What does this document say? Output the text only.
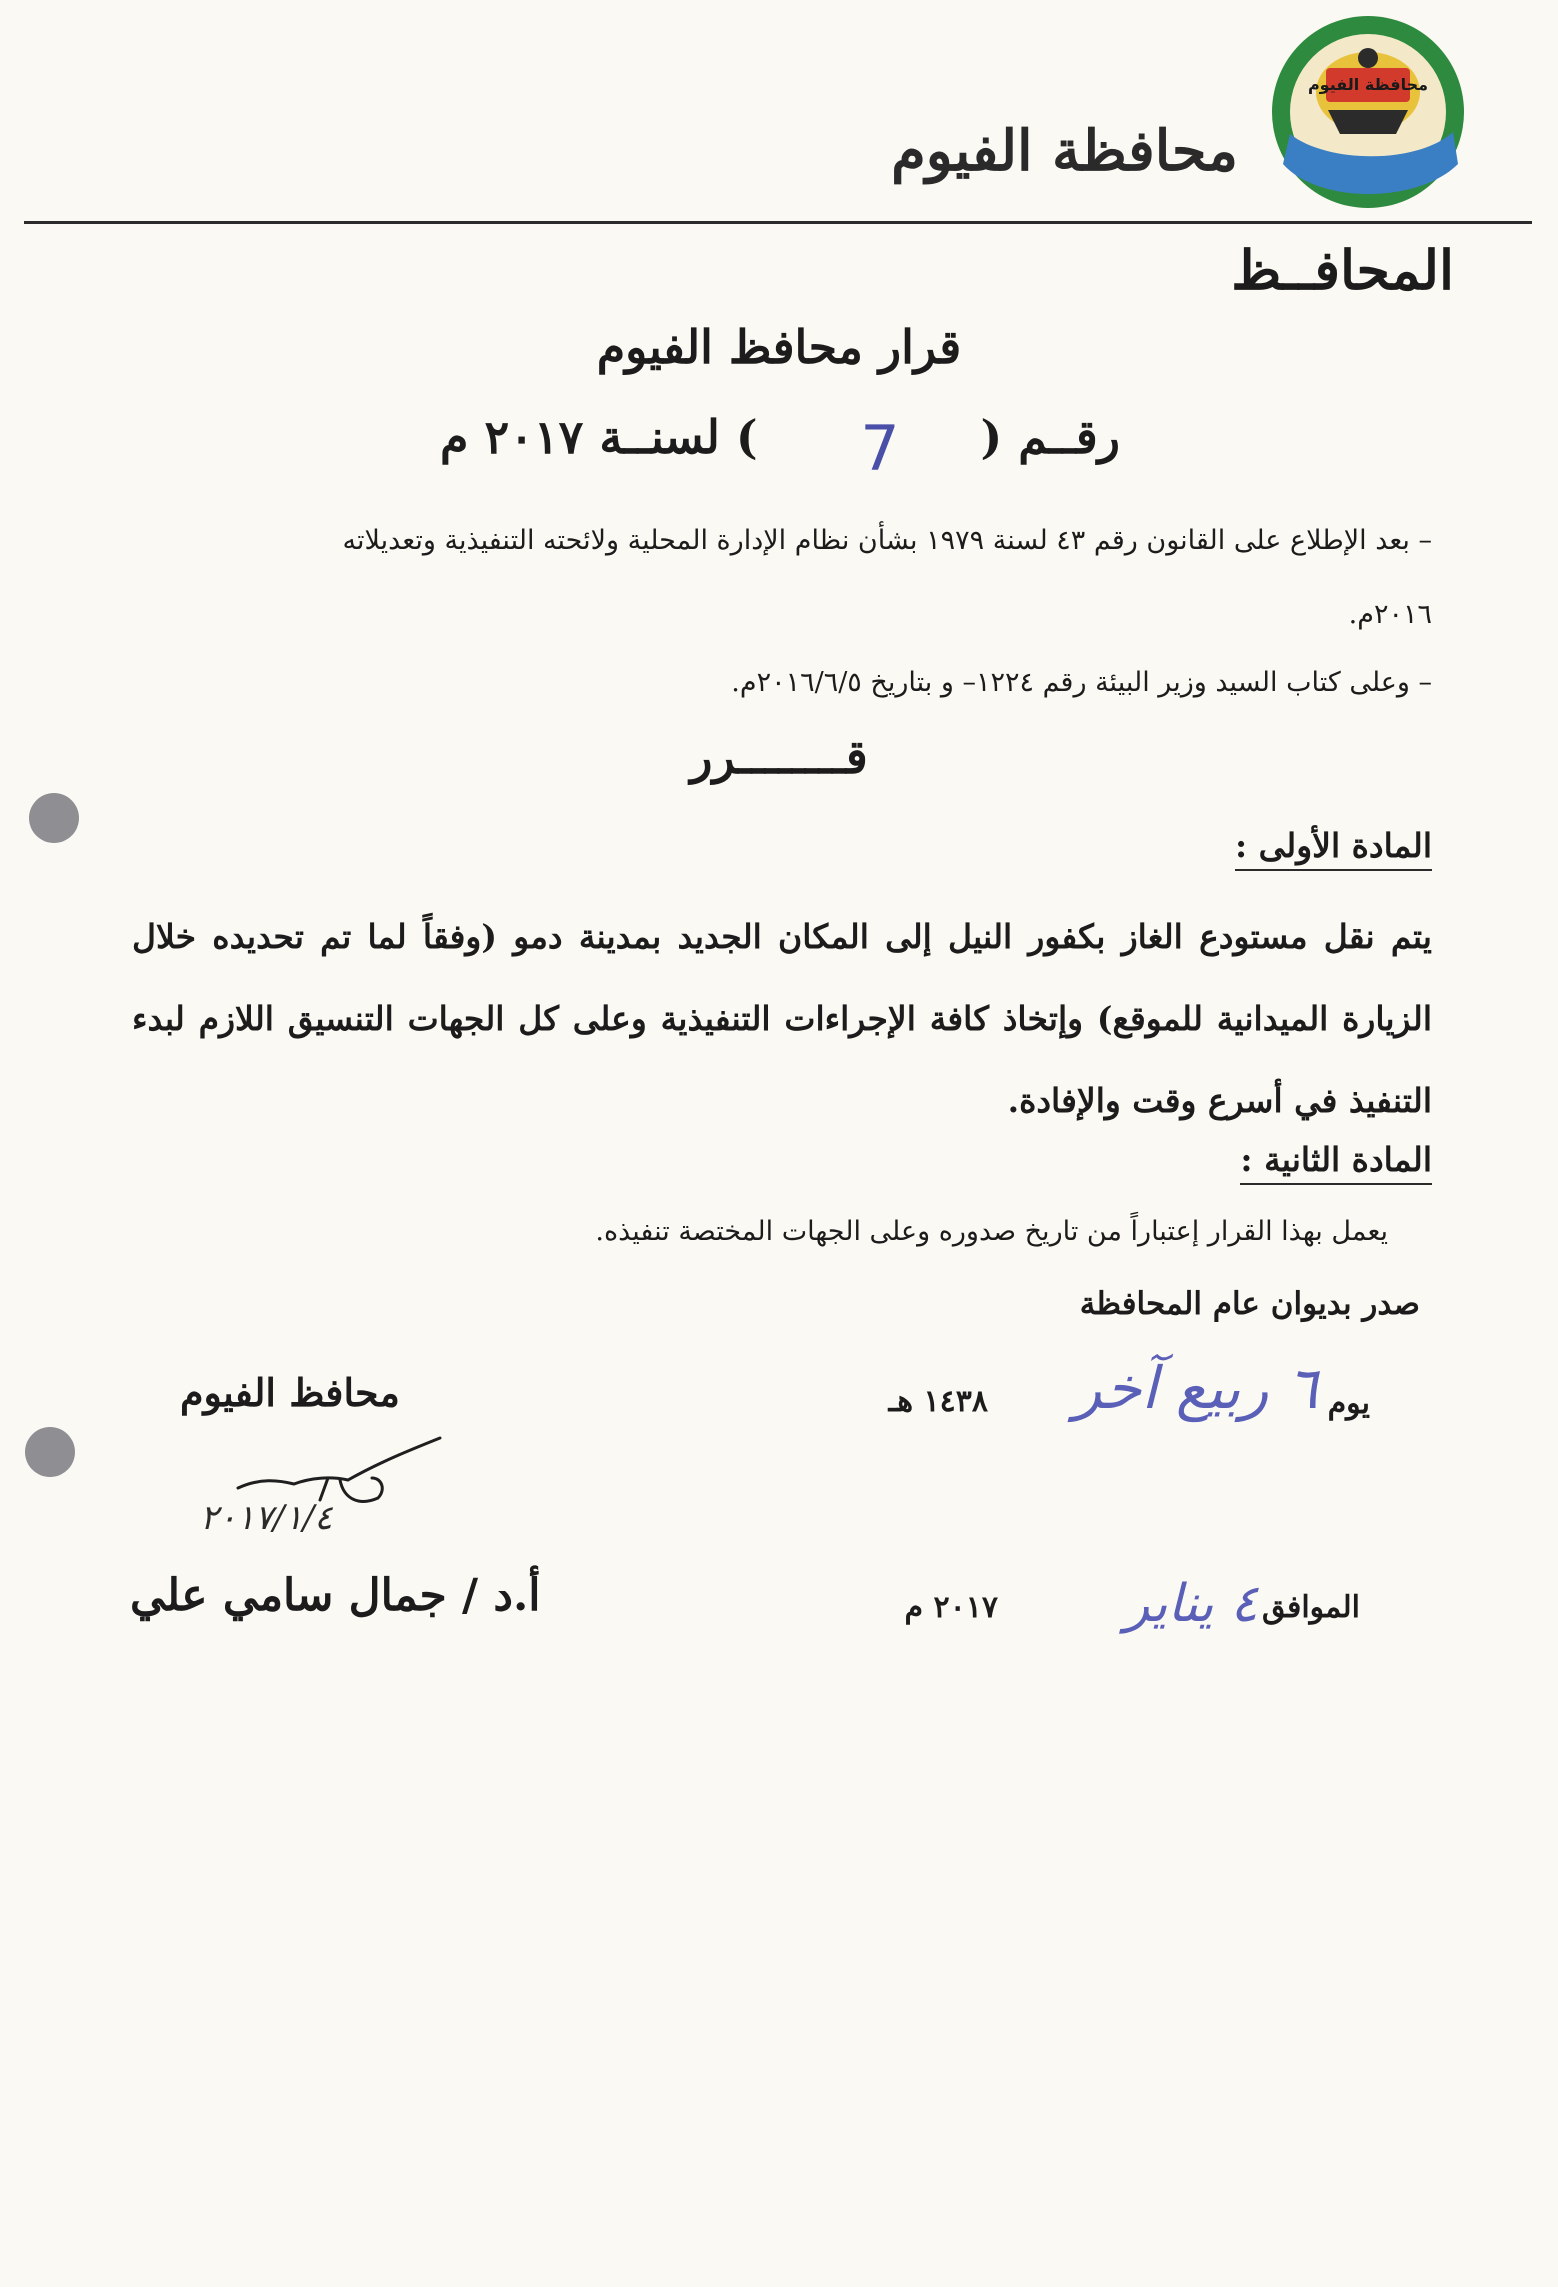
محافظة الفيوم
محافظة الفيوم
المحافــظ
قرار محافظ الفيوم
رقــم (
7
) لسنــة ٢٠١٧ م
– بعد الإطلاع على القانون رقم ٤٣ لسنة ١٩٧٩ بشأن نظام الإدارة المحلية ولائحته التنفيذية وتعديلاته
٢٠١٦م.
– وعلى كتاب السيد وزير البيئة رقم ١٢٢٤– و بتاريخ ٢٠١٦/٦/٥م.
قــــــــرر
المادة الأولى :
يتم نقل مستودع الغاز بكفور النيل إلى المكان الجديد بمدينة دمو (وفقاً لما تم تحديده خلال الزيارة الميدانية للموقع) وإتخاذ كافة الإجراءات التنفيذية وعلى كل الجهات التنسيق اللازم لبدء التنفيذ في أسرع وقت والإفادة.
المادة الثانية :
يعمل بهذا القرار إعتباراً من تاريخ صدوره وعلى الجهات المختصة تنفيذه.
صدر بديوان عام المحافظة
يوم
٦ ربيع آخر
١٤٣٨ هـ
الموافق
٤ يناير
٢٠١٧ م
محافظ الفيوم
٢٠١٧/١/٤
أ.د / جمال سامي علي
